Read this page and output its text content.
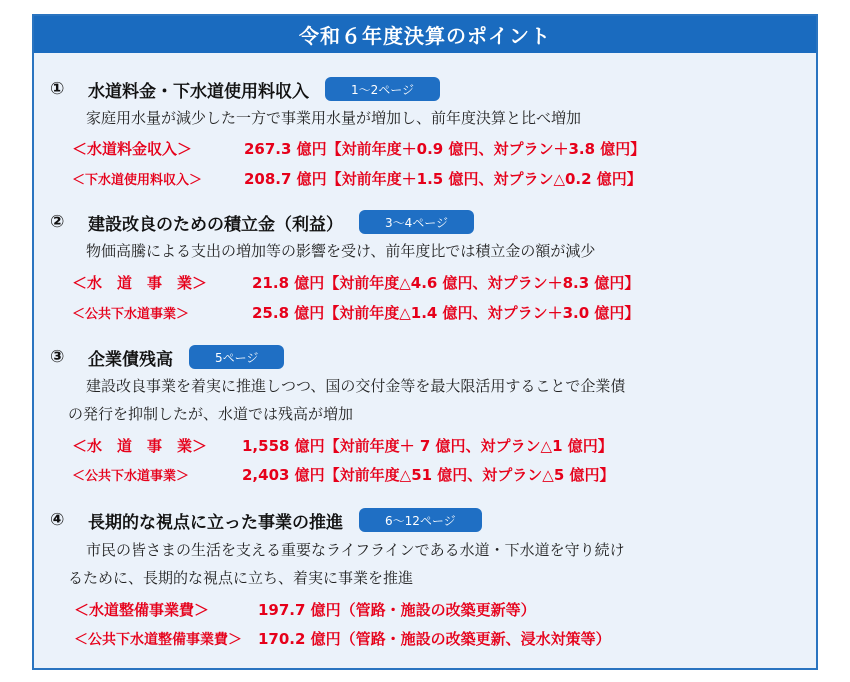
令和６年度決算のポイント
①	水道料金・下水道使用料収入	1～2ページ
家庭用水量が減少した一方で事業用水量が増加し、前年度決算と比べ増加
＜水道料金収入＞	267.3 億円【対前年度＋0.9 億円、対プラン＋3.8 億円】
＜下水道使用料収入＞	208.7 億円【対前年度＋1.5 億円、対プラン△0.2 億円】
②	建設改良のための積立金（利益）	3～4ページ
物価高騰による支出の増加等の影響を受け、前年度比では積立金の額が減少
＜水　道　事　業＞	21.8 億円【対前年度△4.6 億円、対プラン＋8.3 億円】
＜公共下水道事業＞	25.8 億円【対前年度△1.4 億円、対プラン＋3.0 億円】
③	企業債残高	5ページ
建設改良事業を着実に推進しつつ、国の交付金等を最大限活用することで企業債
の発行を抑制したが、水道では残高が増加
＜水　道　事　業＞ 1,558 億円【対前年度＋ 7 億円、対プラン△1 億円】
＜公共下水道事業＞	2,403 億円【対前年度△51 億円、対プラン△5 億円】
④	長期的な視点に立った事業の推進	6～12ページ
市民の皆さまの生活を支える重要なライフラインである水道・下水道を守り続け
るために、長期的な視点に立ち、着実に事業を推進
＜水道整備事業費＞	197.7 億円（管路・施設の改築更新等）
＜公共下水道整備事業費＞ 170.2 億円（管路・施設の改築更新、浸水対策等）
